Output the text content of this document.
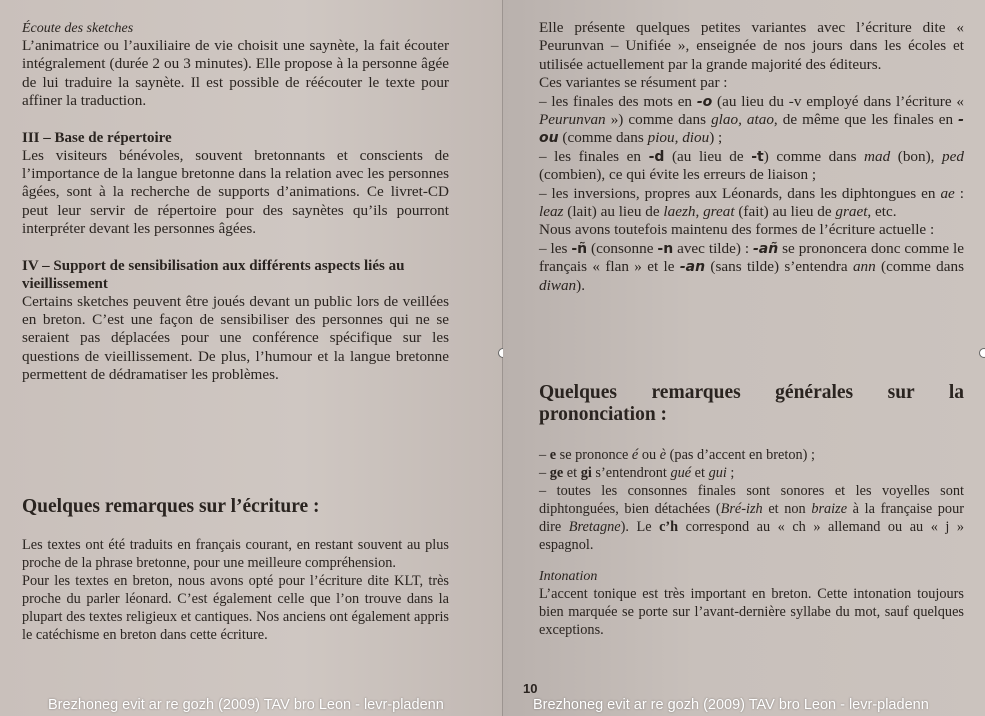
Écoute des sketches

L’animatrice ou l’auxiliaire de vie choisit une saynète, la fait écouter intégralement (durée 2 ou 3 minutes). Elle propose à la personne âgée de lui traduire la saynète. Il est possible de réécouter le texte pour affiner la traduction.

III – Base de répertoire

Les visiteurs bénévoles, souvent bretonnants et conscients de l’importance de la langue bretonne dans la relation avec les personnes âgées, sont à la recherche de supports d’animations. Ce livret-CD peut leur servir de répertoire pour des saynètes qu’ils pourront interpréter devant les personnes âgées.

IV – Support de sensibilisation aux différents aspects liés au vieillissement

Certains sketches peuvent être joués devant un public lors de veillées en breton. C’est une façon de sensibiliser des personnes qui ne se seraient pas déplacées pour une conférence spécifique sur les questions de vieillissement. De plus, l’humour et la langue bretonne permettent de dédramatiser les problèmes.

Quelques remarques sur l’écriture :

Les textes ont été traduits en français courant, en restant souvent au plus proche de la phrase bretonne, pour une meilleure compréhension.

Pour les textes en breton, nous avons opté pour l’écriture dite KLT, très proche du parler léonard. C’est également celle que l’on trouve dans la plupart des textes religieux et cantiques. Nos anciens ont également appris le catéchisme en breton dans cette écriture.

Brezhoneg evit ar re gozh (2009) TAV bro Leon - levr-pladenn

Elle présente quelques petites variantes avec l’écriture dite « Peurunvan – Unifiée », enseignée de nos jours dans les écoles et utilisée actuellement par la grande majorité des éditeurs.

Ces variantes se résument par :

– les finales des mots en -o (au lieu du -v employé dans l’écriture « Peurunvan ») comme dans glao, atao, de même que les finales en -ou (comme dans piou, diou) ;

– les finales en -d (au lieu de -t) comme dans mad (bon), ped (combien), ce qui évite les erreurs de liaison ;

– les inversions, propres aux Léonards, dans les diphtongues en ae : leaz (lait) au lieu de laezh, great (fait) au lieu de graet, etc.

Nous avons toutefois maintenu des formes de l’écriture actuelle :

– les -ñ (consonne -n avec tilde) : -añ se prononcera donc comme le français « flan » et le -an (sans tilde) s’entendra ann (comme dans diwan).

Quelques remarques générales sur la prononciation :

– e se prononce é ou è (pas d’accent en breton) ;

– ge et gi s’entendront gué et gui ;

– toutes les consonnes finales sont sonores et les voyelles sont diphtonguées, bien détachées (Bré-izh et non braize à la française pour dire Bretagne). Le c’h correspond au « ch » allemand ou au « j » espagnol.

Intonation

L’accent tonique est très important en breton. Cette intonation toujours bien marquée se porte sur l’avant-dernière syllabe du mot, sauf quelques exceptions.

10
Brezhoneg evit ar re gozh (2009) TAV bro Leon - levr-pladenn
